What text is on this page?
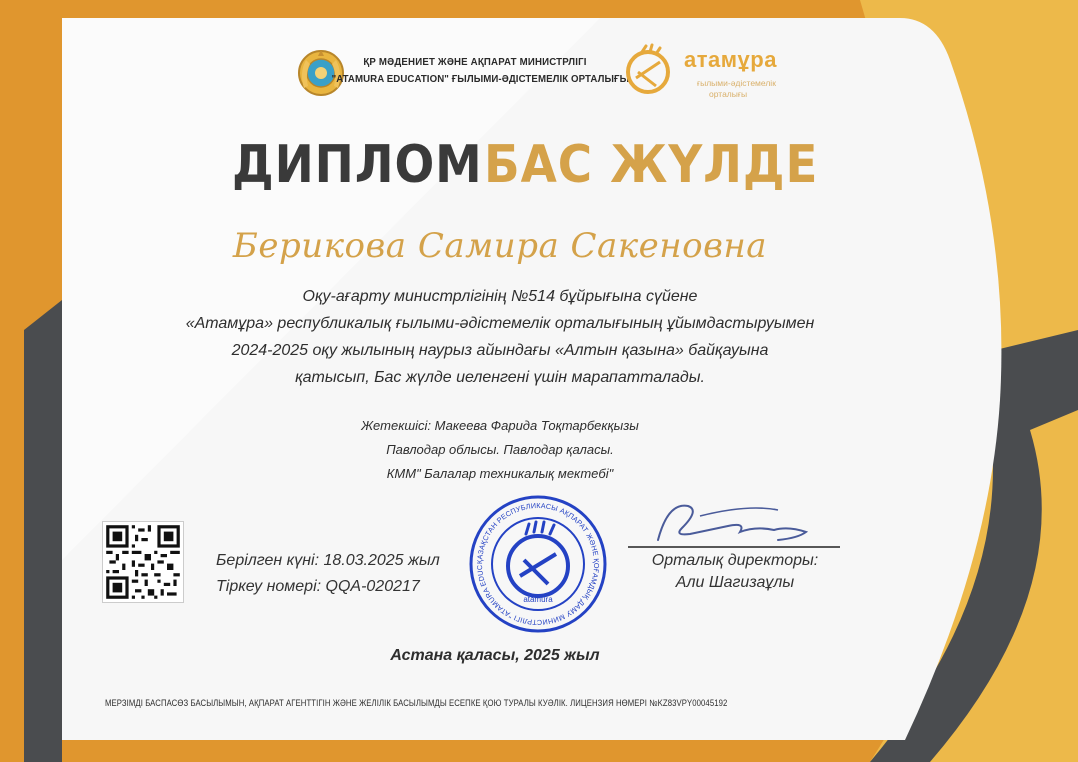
ҚР МӘДЕНИЕТ ЖӘНЕ АҚПАРАТ МИНИСТРЛІГІ

"ATAMURA EDUCATION" ҒЫЛЫМИ-ӘДІСТЕМЕЛІК ОРТАЛЫҒЫ

атамұра

ғылыми-әдістемелік

орталығы

ДИПЛОМ БАС ЖҮЛДЕ

Берикова Самира Сакеновна

Оқу-ағарту министрлігінің №514 бұйрығына сүйене

«Атамұра» республикалық ғылыми-әдістемелік орталығының ұйымдастыруымен

2024-2025 оқу жылының наурыз айындағы «Алтын қазына» байқауына

қатысып, Бас жүлде иеленгені үшін марапатталады.

Жетекшісі: Макеева Фарида Тоқтарбекқызы

Павлодар облысы. Павлодар қаласы.

КММ" Балалар техникалық мектебі"

Берілген күні: 18.03.2025 жыл

Тіркеу номері: QQA-020217

ҚАЗАҚСТАН РЕСПУБЛИКАСЫ АҚПАРАТ ЖӘНЕ ҚОҒАМДЫҚ ДАМУ МИНИСТРЛІГІ "ATAMURA EDUC
atamura

Орталық директоры:

Али Шагизаұлы

Астана қаласы, 2025 жыл

МЕРЗІМДІ БАСПАСӨЗ БАСЫЛЫМЫН, АҚПАРАТ АГЕНТТІГІН ЖӘНЕ ЖЕЛІЛІК БАСЫЛЫМДЫ ЕСЕПКЕ ҚОЮ ТУРАЛЫ КУӘЛІК. ЛИЦЕНЗИЯ НӨМЕРІ №KZ83VPY00045192
